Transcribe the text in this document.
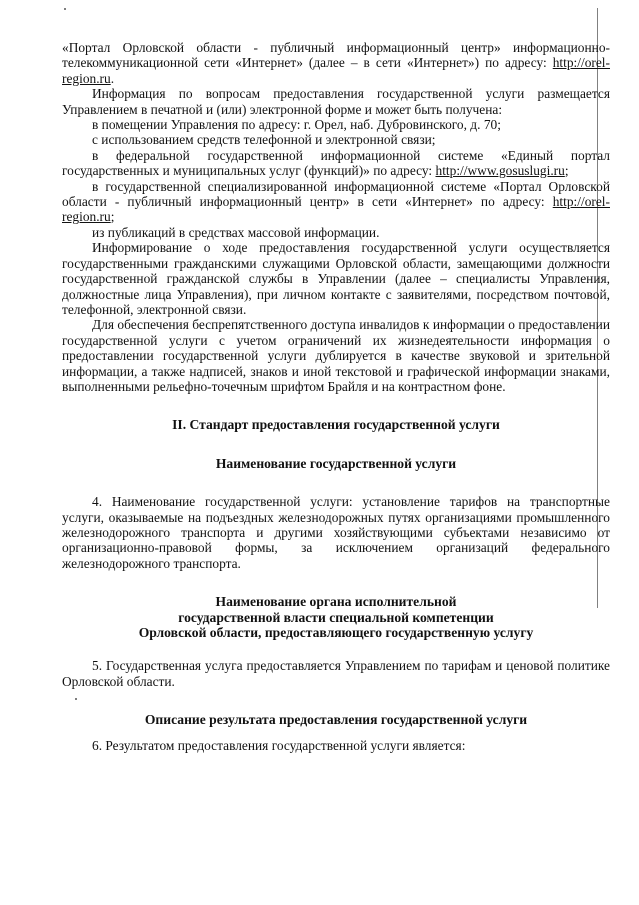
«Портал Орловской области - публичный информационный центр» информационно-телекоммуникационной сети «Интернет» (далее – в сети «Интернет») по адресу: http://orel-region.ru.

Информация по вопросам предоставления государственной услуги размещается Управлением в печатной и (или) электронной форме и может быть получена:

в помещении Управления по адресу: г. Орел, наб. Дубровинского, д. 70;

с использованием средств телефонной и электронной связи;

в федеральной государственной информационной системе «Единый портал государственных и муниципальных услуг (функций)» по адресу: http://www.gosuslugi.ru;

в государственной специализированной информационной системе «Портал Орловской области - публичный информационный центр» в сети «Интернет» по адресу: http://orel-region.ru;

из публикаций в средствах массовой информации.

Информирование о ходе предоставления государственной услуги осуществляется государственными гражданскими служащими Орловской области, замещающими должности государственной гражданской службы в Управлении (далее – специалисты Управления, должностные лица Управления), при личном контакте с заявителями, посредством почтовой, телефонной, электронной связи.

Для обеспечения беспрепятственного доступа инвалидов к информации о предоставлении государственной услуги с учетом ограничений их жизнедеятельности информация о предоставлении государственной услуги дублируется в качестве звуковой и зрительной информации, а также надписей, знаков и иной текстовой и графической информации знаками, выполненными рельефно-точечным шрифтом Брайля и на контрастном фоне.

II. Стандарт предоставления государственной услуги
Наименование государственной услуги

4. Наименование государственной услуги: установление тарифов на транспортные услуги, оказываемые на подъездных железнодорожных путях организациями промышленного железнодорожного транспорта и другими хозяйствующими субъектами независимо от организационно-правовой формы, за исключением организаций федерального железнодорожного транспорта.

Наименование органа исполнительной
государственной власти специальной компетенции
Орловской области, предоставляющего государственную услугу

5. Государственная услуга предоставляется Управлением по тарифам и ценовой политике Орловской области.

Описание результата предоставления государственной услуги

6. Результатом предоставления государственной услуги является:
